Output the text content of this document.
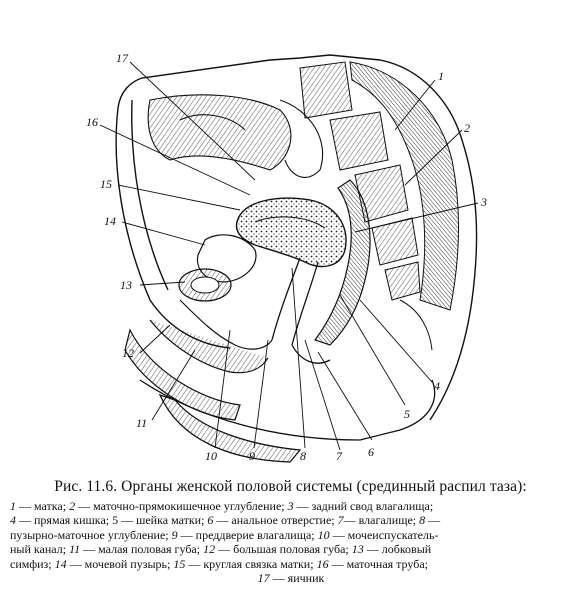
1
2
3
4
5
6
7
8
9
10
11
12
13
14
15
16
17
Рис. 11.6. Органы женской половой системы (срединный распил таза):
1 — матка; 2 — маточно-прямокишечное углубление; 3 — задний свод влагалища;
4 — прямая кишка; 5 — шейка матки; 6 — анальное отверстие; 7— влагалище; 8 —
пузырно-маточное углубление; 9 — преддверие влагалища; 10 — мочеиспускатель-
ный канал; 11 — малая половая губа; 12 — большая половая губа; 13 — лобковый
симфиз; 14 — мочевой пузырь; 15 — круглая связка матки; 16 — маточная труба;
17 — яичник
